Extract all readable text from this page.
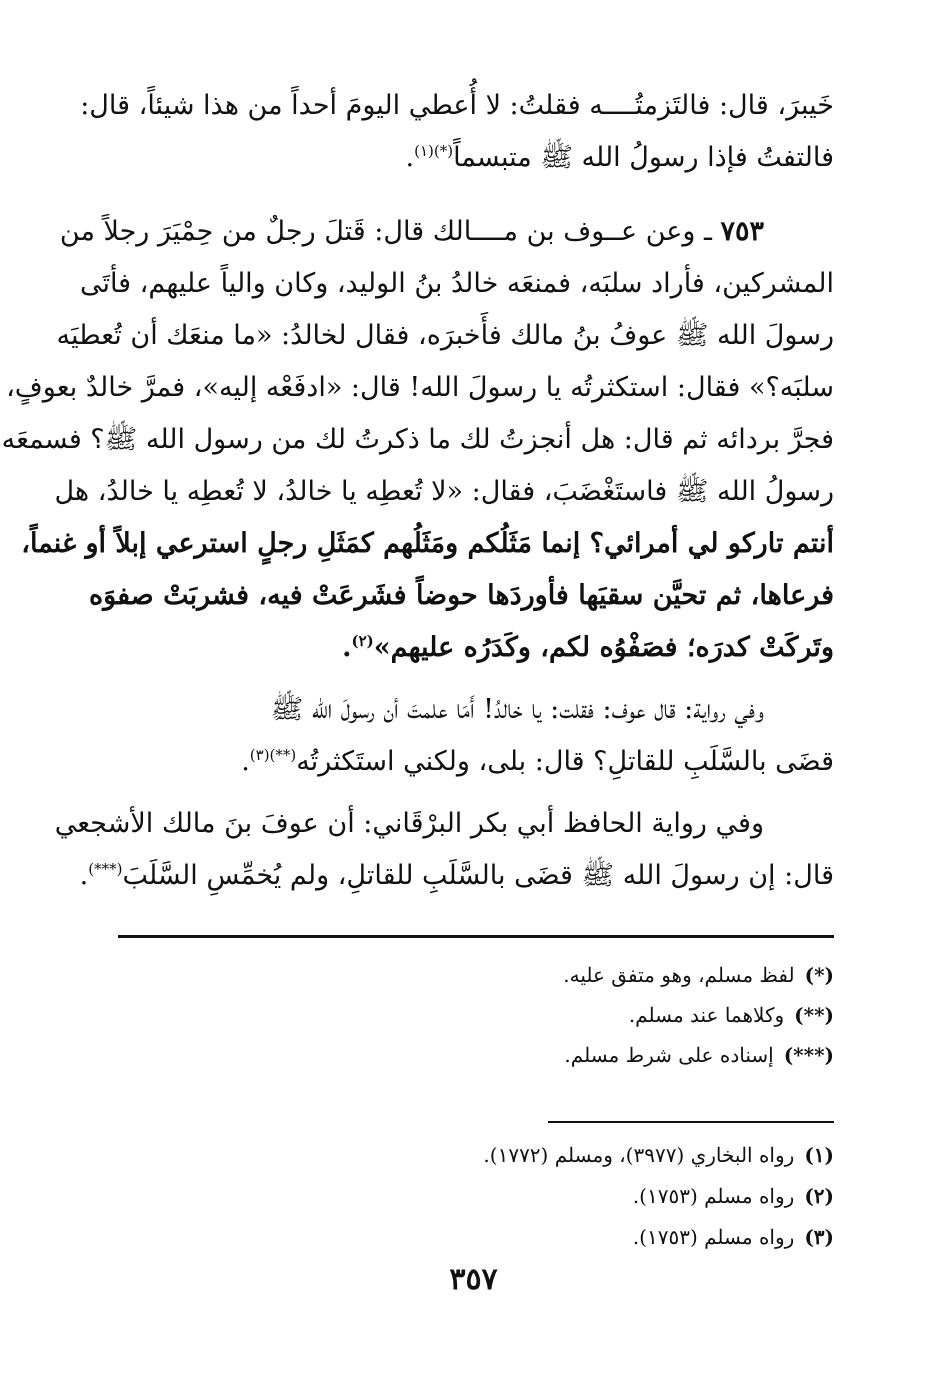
خَيبرَ، قال: فالتَزمتُــــه فقلتُ: لا أُعطي اليومَ أحداً من هذا شيئاً، قال:
فالتفتُ فإذا رسولُ الله ﷺ متبسماً$^{(*)(١)}$.

٧٥٣ ـ وعن عــوف بن مــــالك قال: قَتلَ رجلٌ من حِمْيَرَ رجلاً من
المشركين، فأراد سلبَه، فمنعَه خالدُ بنُ الوليد، وكان والياً عليهم، فأتَى
رسولَ الله ﷺ عوفُ بنُ مالك فأَخبرَه، فقال لخالدُ: «ما منعَك أن تُعطيَه
سلبَه؟» فقال: استكثرتُه يا رسولَ الله! قال: «ادفَعْه إليه»، فمرَّ خالدٌ بعوفٍ،
فجرَّ بردائه ثم قال: هل أنجزتُ لك ما ذكرتُ لك من رسول الله ﷺ؟ فسمعَه
رسولُ الله ﷺ فاستَغْضَبَ، فقال: «لا تُعطِه يا خالدُ، لا تُعطِه يا خالدُ، هل
أنتم تاركو لي أمرائي؟ إنما مَثَلُكم ومَثَلُهم كمَثَلِ رجلٍ استرعي إبلاً أو غنماً،
فرعاها، ثم تحيَّن سقيَها فأوردَها حوضاً فشَرعَتْ فيه، فشربَتْ صفوَه
وتَركَتْ كدرَه؛ فصَفْوُه لكم، وكَدَرُه عليهم»$^{(٢)}$.

وفي رواية: قال عوف: فقلت: يا خالدُ! أَمَا علمتَ أن رسولَ الله ﷺ
قضَى بالسَّلَبِ للقاتلِ؟ قال: بلى، ولكني استَكثرتُه$^{(**)(٣)}$.

وفي رواية الحافظ أبي بكر البرْقَاني: أن عوفَ بنَ مالك الأشجعي
قال: إن رسولَ الله ﷺ قضَى بالسَّلَبِ للقاتلِ، ولم يُخمِّسِ السَّلَبَ(***).

(*)لفظ مسلم، وهو متفق عليه.
(**)وكلاهما عند مسلم.
(***)إسناده على شرط مسلم.
(١)رواه البخاري (٣٩٧٧)، ومسلم (١٧٧٢).
(٢)رواه مسلم (١٧٥٣).
(٣)رواه مسلم (١٧٥٣).
٣٥٧
